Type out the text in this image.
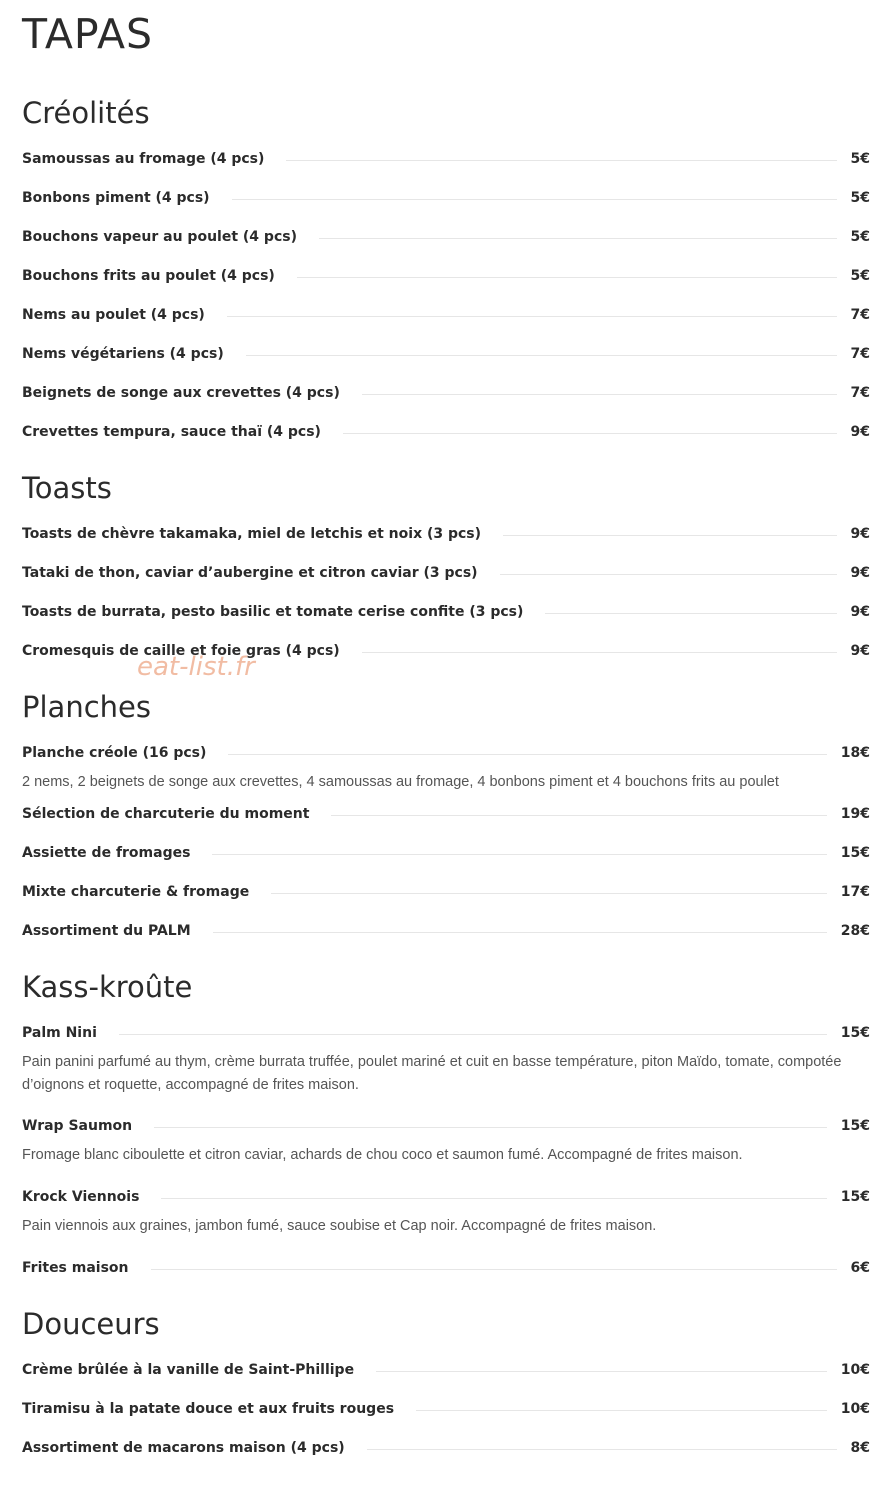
TAPAS
Créolités
Samoussas au fromage (4 pcs)	5€
Bonbons piment (4 pcs)	5€
Bouchons vapeur au poulet (4 pcs)	5€
Bouchons frits au poulet (4 pcs)	5€
Nems au poulet (4 pcs)	7€
Nems végétariens (4 pcs)	7€
Beignets de songe aux crevettes (4 pcs)	7€
Crevettes tempura, sauce thaï (4 pcs)	9€
Toasts
Toasts de chèvre takamaka, miel de letchis et noix (3 pcs)	9€
Tataki de thon, caviar d’aubergine et citron caviar (3 pcs)	9€
Toasts de burrata, pesto basilic et tomate cerise confite (3 pcs)	9€
Cromesquis de caille et foie gras (4 pcs)	9€
Planches
Planche créole (16 pcs)	18€
2 nems, 2 beignets de songe aux crevettes, 4 samoussas au fromage, 4 bonbons piment et 4 bouchons frits au poulet
Sélection de charcuterie du moment	19€
Assiette de fromages	15€
Mixte charcuterie & fromage	17€
Assortiment du PALM	28€
Kass-kroûte
Palm Nini	15€
Pain panini parfumé au thym, crème burrata truffée, poulet mariné et cuit en basse température, piton Maïdo, tomate, compotée d’oignons et roquette, accompagné de frites maison.
Wrap Saumon	15€
Fromage blanc ciboulette et citron caviar, achards de chou coco et saumon fumé. Accompagné de frites maison.
Krock Viennois	15€
Pain viennois aux graines, jambon fumé, sauce soubise et Cap noir. Accompagné de frites maison.
Frites maison	6€
Douceurs
Crème brûlée à la vanille de Saint-Phillipe	10€
Tiramisu à la patate douce et aux fruits rouges	10€
Assortiment de macarons maison (4 pcs)	8€
eat-list.fr
